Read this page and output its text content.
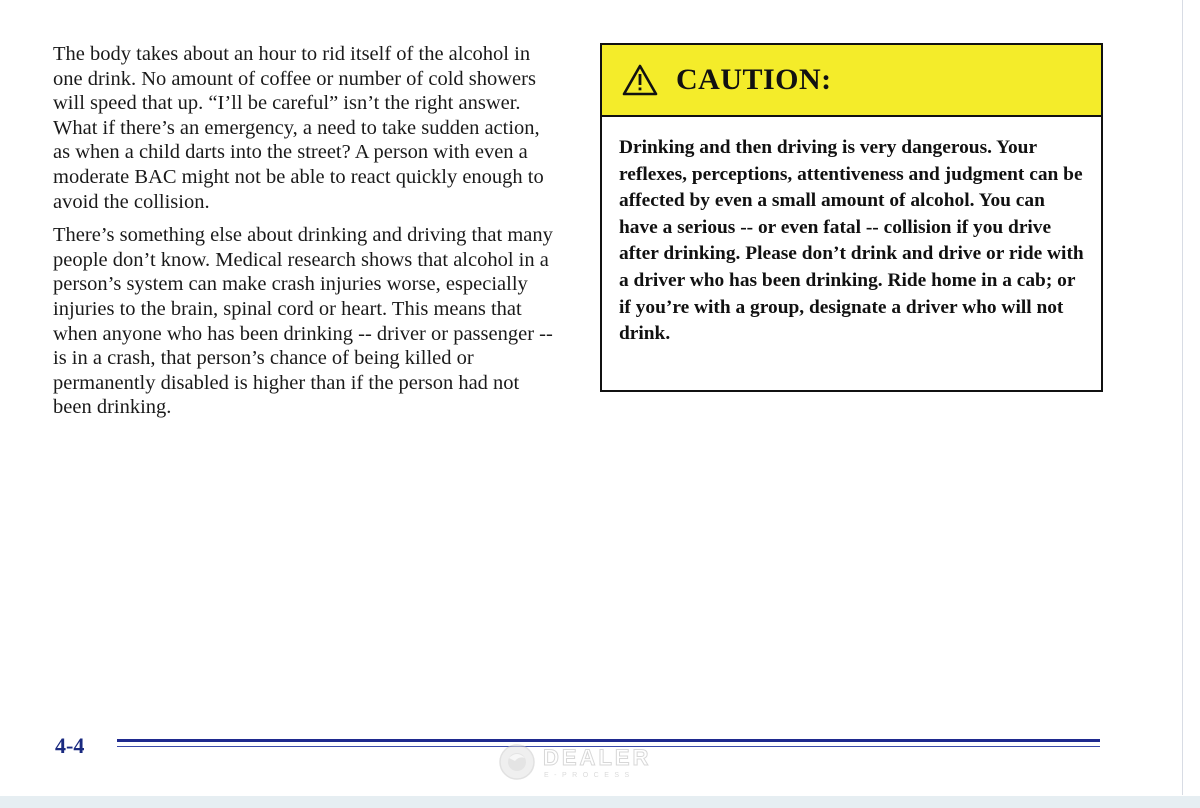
The body takes about an hour to rid itself of the alcohol in one drink. No amount of coffee or number of cold showers will speed that up. “I’ll be careful” isn’t the right answer. What if there’s an emergency, a need to take sudden action, as when a child darts into the street? A person with even a moderate BAC might not be able to react quickly enough to avoid the collision.

There’s something else about drinking and driving that many people don’t know. Medical research shows that alcohol in a person’s system can make crash injuries worse, especially injuries to the brain, spinal cord or heart. This means that when anyone who has been drinking -- driver or passenger -- is in a crash, that person’s chance of being killed or permanently disabled is higher than if the person had not been drinking.

CAUTION:
Drinking and then driving is very dangerous. Your reflexes, perceptions, attentiveness and judgment can be affected by even a small amount of alcohol. You can have a serious -- or even fatal -- collision if you drive after drinking. Please don’t drink and drive or ride with a driver who has been drinking. Ride home in a cab; or if you’re with a group, designate a driver who will not drink.
4-4	DEALER
E-PROCESS
